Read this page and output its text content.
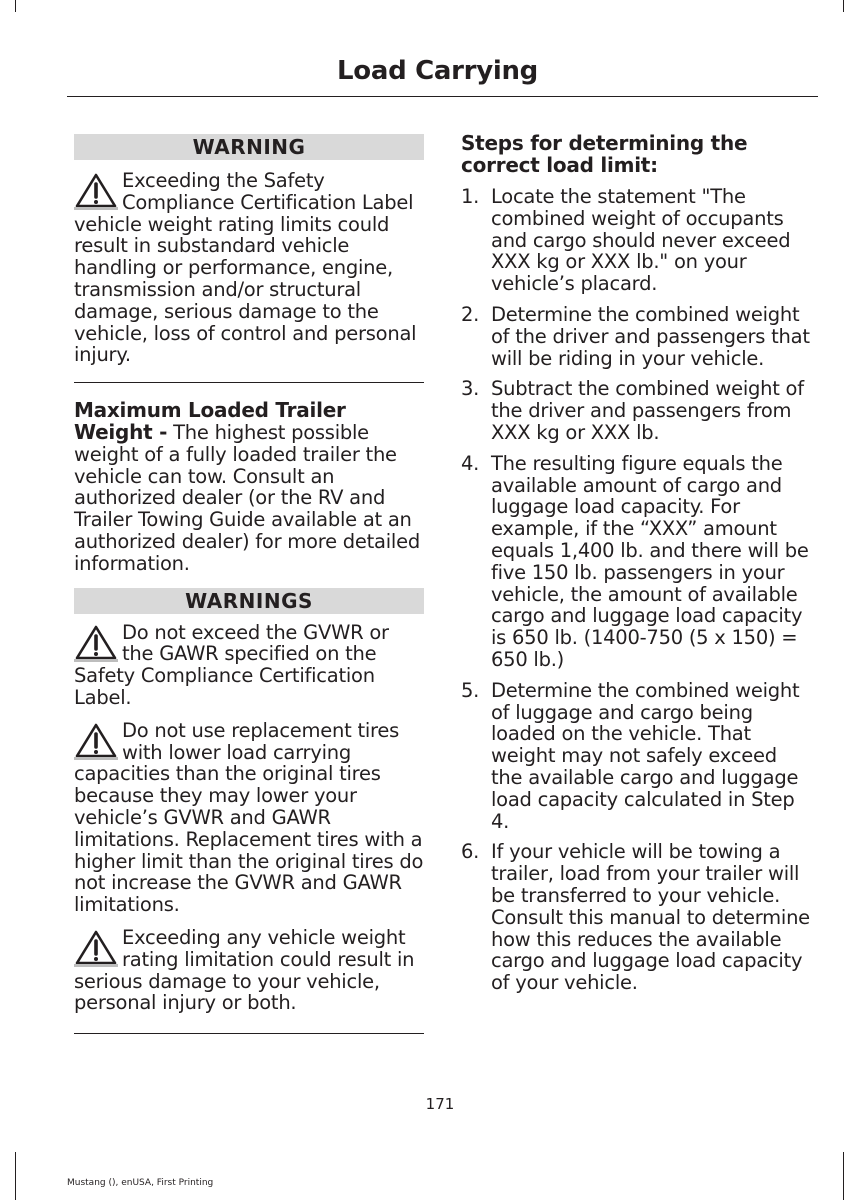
Load Carrying
WARNING
Exceeding the Safety Compliance Certification Label vehicle weight rating limits could result in substandard vehicle handling or performance, engine, transmission and/or structural damage, serious damage to the vehicle, loss of control and personal injury.
Maximum Loaded Trailer Weight - The highest possible weight of a fully loaded trailer the vehicle can tow. Consult an authorized dealer (or the RV and Trailer Towing Guide available at an authorized dealer) for more detailed information.
WARNINGS
Do not exceed the GVWR or the GAWR specified on the Safety Compliance Certification Label.
Do not use replacement tires with lower load carrying capacities than the original tires because they may lower your vehicle’s GVWR and GAWR limitations. Replacement tires with a higher limit than the original tires do not increase the GVWR and GAWR limitations.
Exceeding any vehicle weight rating limitation could result in serious damage to your vehicle, personal injury or both.
Steps for determining the correct load limit:
1. Locate the statement "The combined weight of occupants and cargo should never exceed XXX kg or XXX lb." on your vehicle’s placard.
2. Determine the combined weight of the driver and passengers that will be riding in your vehicle.
3. Subtract the combined weight of the driver and passengers from XXX kg or XXX lb.
4. The resulting figure equals the available amount of cargo and luggage load capacity. For example, if the “XXX” amount equals 1,400 lb. and there will be five 150 lb. passengers in your vehicle, the amount of available cargo and luggage load capacity is 650 lb. (1400-750 (5 x 150) = 650 lb.)
5. Determine the combined weight of luggage and cargo being loaded on the vehicle. That weight may not safely exceed the available cargo and luggage load capacity calculated in Step 4.
6. If your vehicle will be towing a trailer, load from your trailer will be transferred to your vehicle. Consult this manual to determine how this reduces the available cargo and luggage load capacity of your vehicle.
171
Mustang (), enUSA, First Printing
